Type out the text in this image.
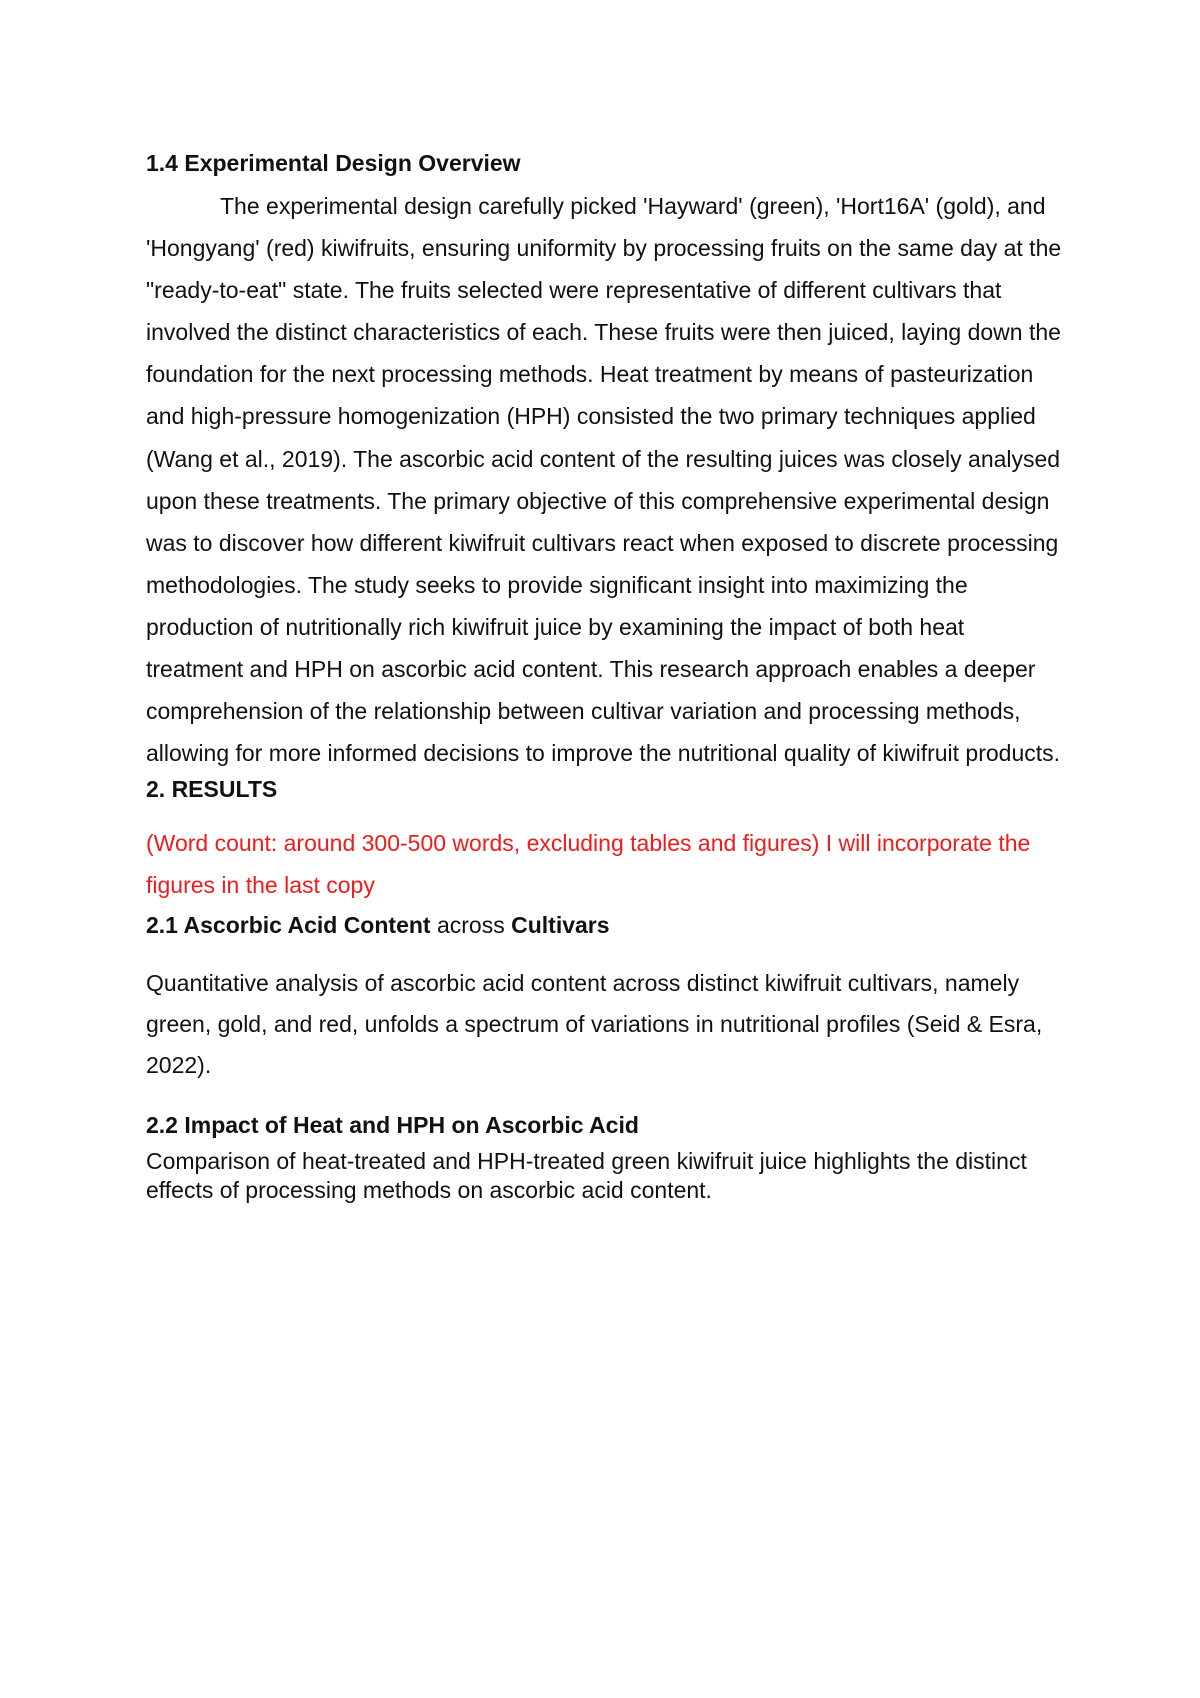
1.4 Experimental Design Overview

The experimental design carefully picked 'Hayward' (green), 'Hort16A' (gold), and 'Hongyang' (red) kiwifruits, ensuring uniformity by processing fruits on the same day at the "ready-to-eat" state. The fruits selected were representative of different cultivars that involved the distinct characteristics of each. These fruits were then juiced, laying down the foundation for the next processing methods. Heat treatment by means of pasteurization and high-pressure homogenization (HPH) consisted the two primary techniques applied (Wang et al., 2019). The ascorbic acid content of the resulting juices was closely analysed upon these treatments. The primary objective of this comprehensive experimental design was to discover how different kiwifruit cultivars react when exposed to discrete processing methodologies. The study seeks to provide significant insight into maximizing the production of nutritionally rich kiwifruit juice by examining the impact of both heat treatment and HPH on ascorbic acid content. This research approach enables a deeper comprehension of the relationship between cultivar variation and processing methods, allowing for more informed decisions to improve the nutritional quality of kiwifruit products.

2. RESULTS

(Word count: around 300-500 words, excluding tables and figures) I will incorporate the figures in the last copy

2.1 Ascorbic Acid Content across Cultivars

Quantitative analysis of ascorbic acid content across distinct kiwifruit cultivars, namely green, gold, and red, unfolds a spectrum of variations in nutritional profiles (Seid & Esra, 2022).

2.2 Impact of Heat and HPH on Ascorbic Acid

Comparison of heat-treated and HPH-treated green kiwifruit juice highlights the distinct effects of processing methods on ascorbic acid content.
